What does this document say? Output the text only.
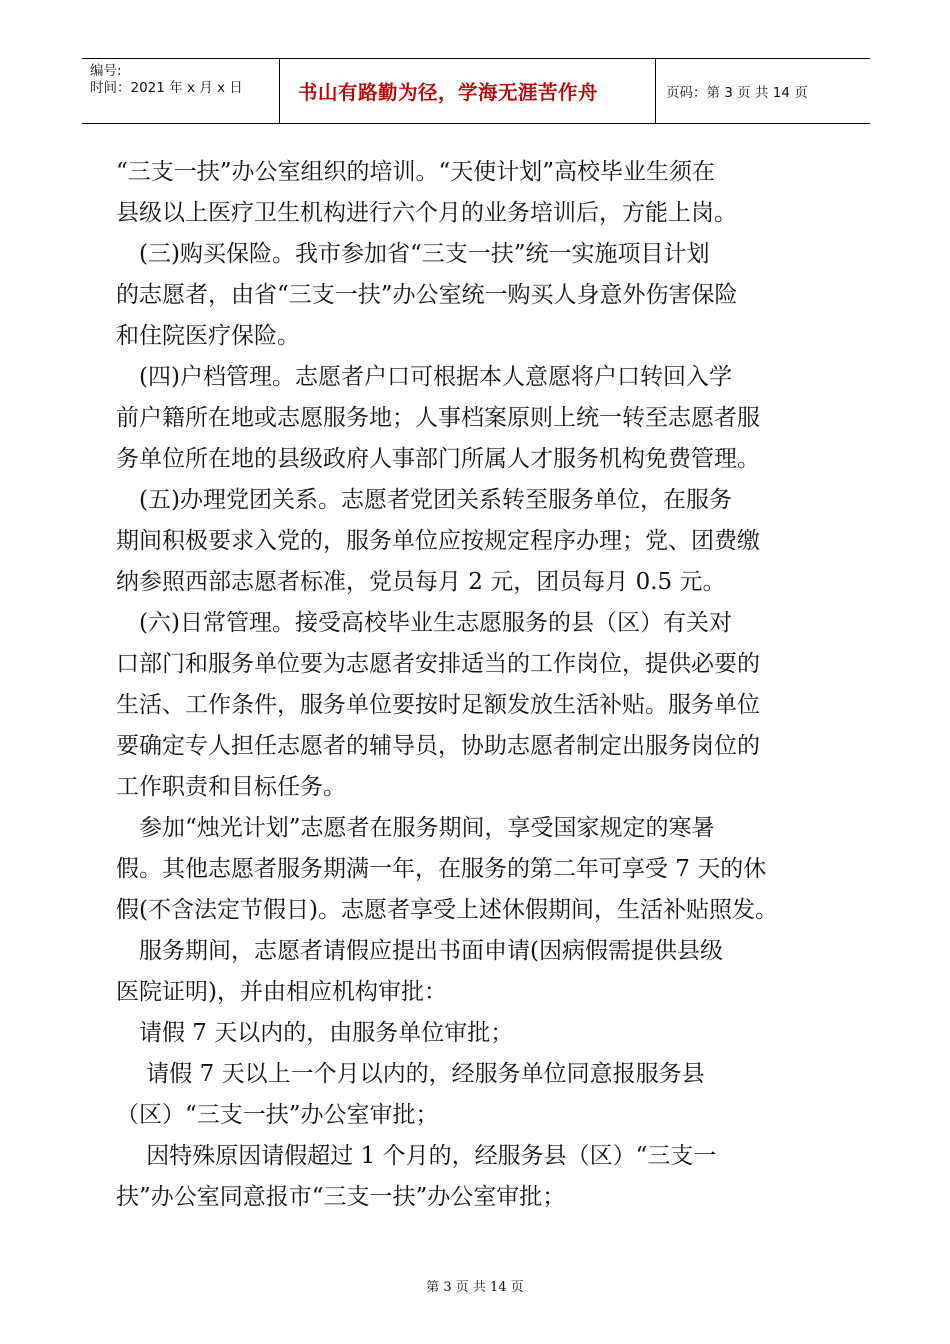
编号:
时间：2021 年 x 月 x 日	书山有路勤为径，学海无涯苦作舟	页码：第 3 页 共 14 页
“三支一扶”办公室组织的培训。“天使计划”高校毕业生须在
县级以上医疗卫生机构进行六个月的业务培训后，方能上岗。
　(三)购买保险。我市参加省“三支一扶”统一实施项目计划
的志愿者，由省“三支一扶”办公室统一购买人身意外伤害保险
和住院医疗保险。
　(四)户档管理。志愿者户口可根据本人意愿将户口转回入学
前户籍所在地或志愿服务地；人事档案原则上统一转至志愿者服
务单位所在地的县级政府人事部门所属人才服务机构免费管理。
　(五)办理党团关系。志愿者党团关系转至服务单位，在服务
期间积极要求入党的，服务单位应按规定程序办理；党、团费缴
纳参照西部志愿者标准，党员每月 2 元，团员每月 0.5 元。
　(六)日常管理。接受高校毕业生志愿服务的县（区）有关对
口部门和服务单位要为志愿者安排适当的工作岗位，提供必要的
生活、工作条件，服务单位要按时足额发放生活补贴。服务单位
要确定专人担任志愿者的辅导员，协助志愿者制定出服务岗位的
工作职责和目标任务。
　参加“烛光计划”志愿者在服务期间，享受国家规定的寒暑
假。其他志愿者服务期满一年，在服务的第二年可享受 7 天的休
假(不含法定节假日)。志愿者享受上述休假期间，生活补贴照发。
　服务期间，志愿者请假应提出书面申请(因病假需提供县级
医院证明)，并由相应机构审批：
　请假 7 天以内的，由服务单位审批；
　 请假 7 天以上一个月以内的，经服务单位同意报服务县
（区）“三支一扶”办公室审批；
　 因特殊原因请假超过 1 个月的，经服务县（区）“三支一
扶”办公室同意报市“三支一扶”办公室审批；
第 3 页 共 14 页
